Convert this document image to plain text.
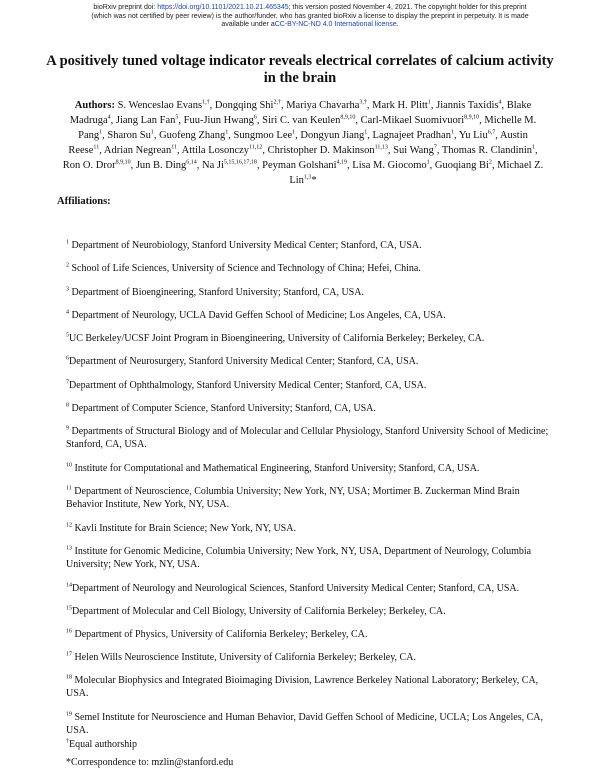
bioRxiv preprint doi: https://doi.org/10.1101/2021.10.21.465345; this version posted November 4, 2021. The copyright holder for this preprint
(which was not certified by peer review) is the author/funder, who has granted bioRxiv a license to display the preprint in perpetuity. It is made
available under aCC-BY-NC-ND 4.0 International license.
A positively tuned voltage indicator reveals electrical correlates of calcium activity in the brain
Authors: S. Wenceslao Evans$^{1,\dagger}$, Dongqing Shi$^{2,\dagger}$, Mariya Chavarha$^{3,\dagger}$, Mark H. Plitt$^1$, Jiannis Taxidis$^4$, Blake Madruga$^4$, Jiang Lan Fan$^5$, Fuu-Jiun Hwang$^6$, Siri C. van Keulen$^{8,9,10}$, Carl-Mikael Suomivuori$^{8,9,10}$, Michelle M. Pang$^1$, Sharon Su$^1$, Guofeng Zhang$^1$, Sungmoo Lee$^1$, Dongyun Jiang$^1$, Lagnajeet Pradhan$^1$, Yu Liu$^{6,7}$, Austin Reese$^{11}$, Adrian Negrean$^{11}$, Attila Losonczy$^{11,12}$, Christopher D. Makinson$^{11,13}$, Sui Wang$^7$, Thomas R. Clandinin$^1$, Ron O. Dror$^{8,9,10}$, Jun B. Ding$^{6,14}$, Na Ji$^{5,15,16,17,18}$, Peyman Golshani$^{4,19}$, Lisa M. Giocomo$^1$, Guoqiang Bi$^2$, Michael Z. Lin$^{1,3}$*
Affiliations:
$^1$ Department of Neurobiology, Stanford University Medical Center; Stanford, CA, USA.
$^2$ School of Life Sciences, University of Science and Technology of China; Hefei, China.
$^3$ Department of Bioengineering, Stanford University; Stanford, CA, USA.
$^4$ Department of Neurology, UCLA David Geffen School of Medicine; Los Angeles, CA, USA.
$^5$UC Berkeley/UCSF Joint Program in Bioengineering, University of California Berkeley; Berkeley, CA.
$^6$Department of Neurosurgery, Stanford University Medical Center; Stanford, CA, USA.
$^7$Department of Ophthalmology, Stanford University Medical Center; Stanford, CA, USA.
$^8$ Department of Computer Science, Stanford University; Stanford, CA, USA.
$^9$ Departments of Structural Biology and of Molecular and Cellular Physiology, Stanford University School of Medicine; Stanford, CA, USA.
$^{10}$ Institute for Computational and Mathematical Engineering, Stanford University; Stanford, CA, USA.
$^{11}$ Department of Neuroscience, Columbia University; New York, NY, USA; Mortimer B. Zuckerman Mind Brain Behavior Institute, New York, NY, USA.
$^{12}$ Kavli Institute for Brain Science; New York, NY, USA.
$^{13}$ Institute for Genomic Medicine, Columbia University; New York, NY, USA, Department of Neurology, Columbia University; New York, NY, USA.
$^{14}$Department of Neurology and Neurological Sciences, Stanford University Medical Center; Stanford, CA, USA.
$^{15}$Department of Molecular and Cell Biology, University of California Berkeley; Berkeley, CA.
$^{16}$ Department of Physics, University of California Berkeley; Berkeley, CA.
$^{17}$ Helen Wills Neuroscience Institute, University of California Berkeley; Berkeley, CA.
$^{18}$ Molecular Biophysics and Integrated Bioimaging Division, Lawrence Berkeley National Laboratory; Berkeley, CA, USA.
$^{19}$ Semel Institute for Neuroscience and Human Behavior, David Geffen School of Medicine, UCLA; Los Angeles, CA, USA.
†Equal authorship
*Correspondence to: mzlin@stanford.edu
